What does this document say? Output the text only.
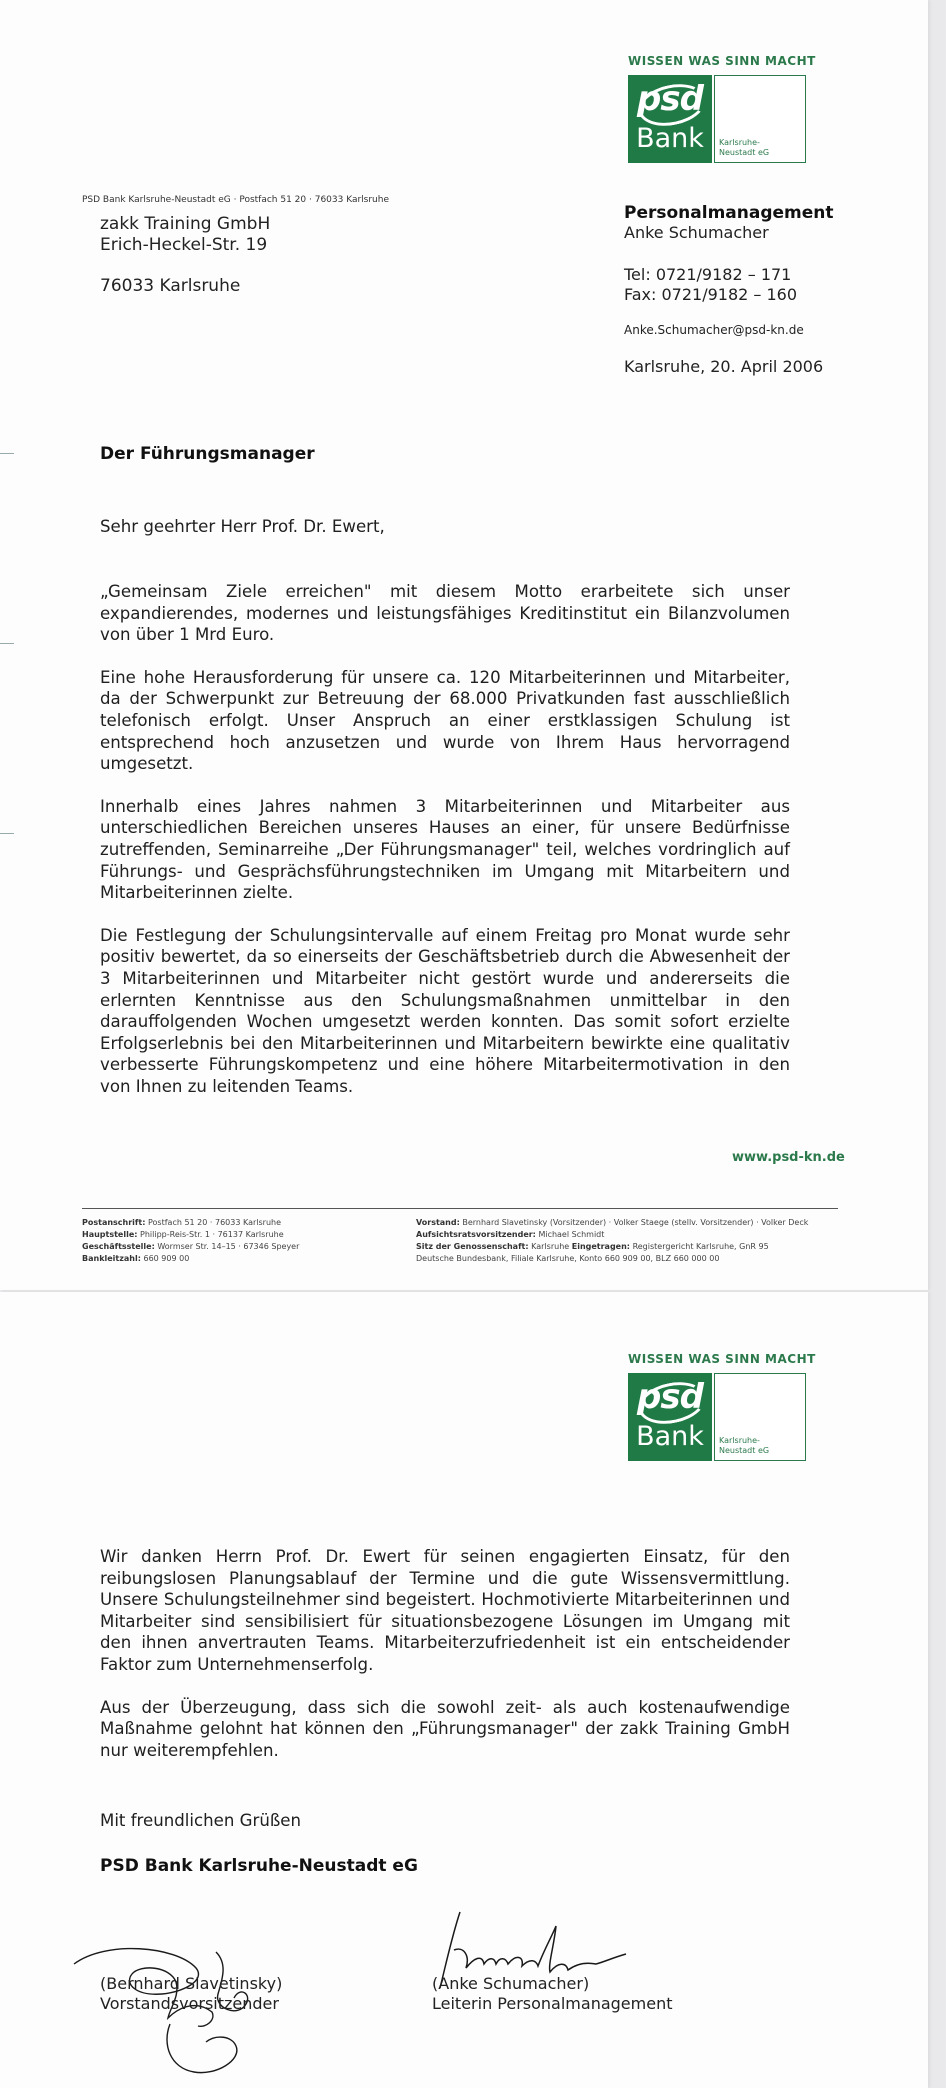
WISSEN WAS SINN MACHT
psd
Bank	Karlsruhe-
Neustadt eG
PSD Bank Karlsruhe-Neustadt eG · Postfach 51 20 · 76033 Karlsruhe
zakk Training GmbH
Erich-Heckel-Str. 19
76033 Karlsruhe
Personalmanagement
Anke Schumacher
Tel: 0721/9182 – 171
Fax: 0721/9182 – 160
Anke.Schumacher@psd-kn.de
Karlsruhe, 20. April 2006
Der Führungsmanager
Sehr geehrter Herr Prof. Dr. Ewert,

„Gemeinsam Ziele erreichen" mit diesem Motto erarbeitete sich unser expandierendes, modernes und leistungsfähiges Kreditinstitut ein Bilanzvolumen von über 1 Mrd Euro.

Eine hohe Herausforderung für unsere ca. 120 Mitarbeiterinnen und Mitarbeiter, da der Schwerpunkt zur Betreuung der 68.000 Privatkunden fast ausschließlich telefonisch erfolgt. Unser Anspruch an einer erstklassigen Schulung ist entsprechend hoch anzusetzen und wurde von Ihrem Haus hervorragend umgesetzt.

Innerhalb eines Jahres nahmen 3 Mitarbeiterinnen und Mitarbeiter aus unterschiedlichen Bereichen unseres Hauses an einer, für unsere Bedürfnisse zutreffenden, Seminarreihe „Der Führungsmanager" teil, welches vordringlich auf Führungs- und Gesprächsführungstechniken im Umgang mit Mitarbeitern und Mitarbeiterinnen zielte.

Die Festlegung der Schulungsintervalle auf einem Freitag pro Monat wurde sehr positiv bewertet, da so einerseits der Geschäftsbetrieb durch die Abwesenheit der 3 Mitarbeiterinnen und Mitarbeiter nicht gestört wurde und andererseits die erlernten Kenntnisse aus den Schulungsmaßnahmen unmittelbar in den darauffolgenden Wochen umgesetzt werden konnten. Das somit sofort erzielte Erfolgserlebnis bei den Mitarbeiterinnen und Mitarbeitern bewirkte eine qualitativ verbesserte Führungskompetenz und eine höhere Mitarbeitermotivation in den von Ihnen zu leitenden Teams.

www.psd-kn.de
Postanschrift: Postfach 51 20 · 76033 Karlsruhe
Hauptstelle: Philipp-Reis-Str. 1 · 76137 Karlsruhe
Geschäftsstelle: Wormser Str. 14–15 · 67346 Speyer
Bankleitzahl: 660 909 00
Vorstand: Bernhard Slavetinsky (Vorsitzender) · Volker Staege (stellv. Vorsitzender) · Volker Deck
Aufsichtsratsvorsitzender: Michael Schmidt
Sitz der Genossenschaft: Karlsruhe Eingetragen: Registergericht Karlsruhe, GnR 95
Deutsche Bundesbank, Filiale Karlsruhe, Konto 660 909 00, BLZ 660 000 00
WISSEN WAS SINN MACHT
psd
Bank	Karlsruhe-
Neustadt eG

Wir danken Herrn Prof. Dr. Ewert für seinen engagierten Einsatz, für den reibungslosen Planungsablauf der Termine und die gute Wissensvermittlung. Unsere Schulungsteilnehmer sind begeistert. Hochmotivierte Mitarbeiterinnen und Mitarbeiter sind sensibilisiert für situationsbezogene Lösungen im Umgang mit den ihnen anvertrauten Teams. Mitarbeiterzufriedenheit ist ein entscheidender Faktor zum Unternehmenserfolg.

Aus der Überzeugung, dass sich die sowohl zeit- als auch kostenaufwendige Maßnahme gelohnt hat können den „Führungsmanager" der zakk Training GmbH nur weiterempfehlen.

Mit freundlichen Grüßen
PSD Bank Karlsruhe-Neustadt eG
(Bernhard Slavetinsky)
Vorstandsvorsitzender
(Anke Schumacher)
Leiterin Personalmanagement
